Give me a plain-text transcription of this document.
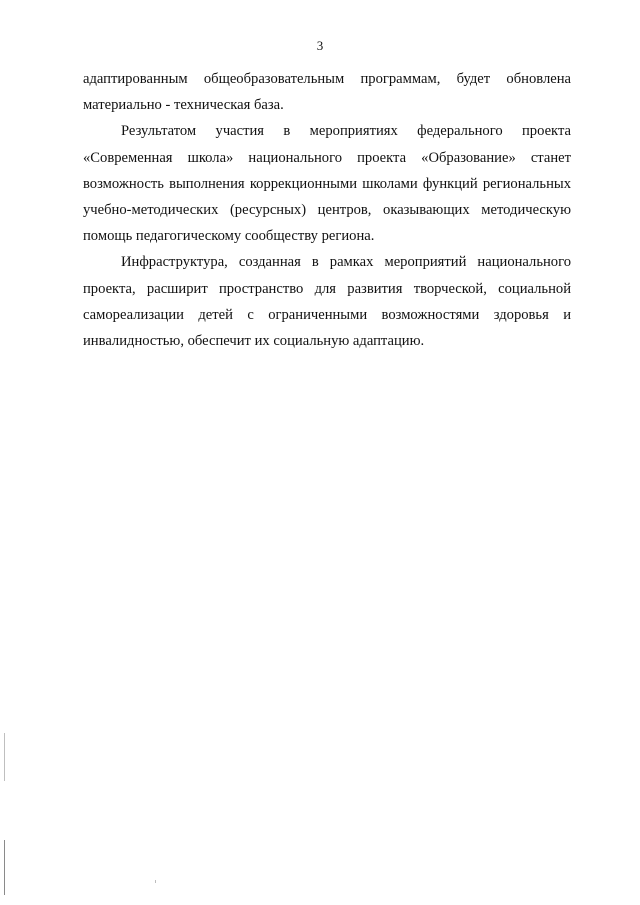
3

адаптированным общеобразовательным программам, будет обновлена материально - техническая база.

Результатом участия в мероприятиях федерального проекта «Современная школа» национального проекта «Образование» станет возможность выполнения коррекционными школами функций региональных учебно-методических (ресурсных) центров, оказывающих методическую помощь педагогическому сообществу региона.

Инфраструктура, созданная в рамках мероприятий национального проекта, расширит пространство для развития творческой, социальной самореализации детей с ограниченными возможностями здоровья и инвалидностью, обеспечит их социальную адаптацию.
